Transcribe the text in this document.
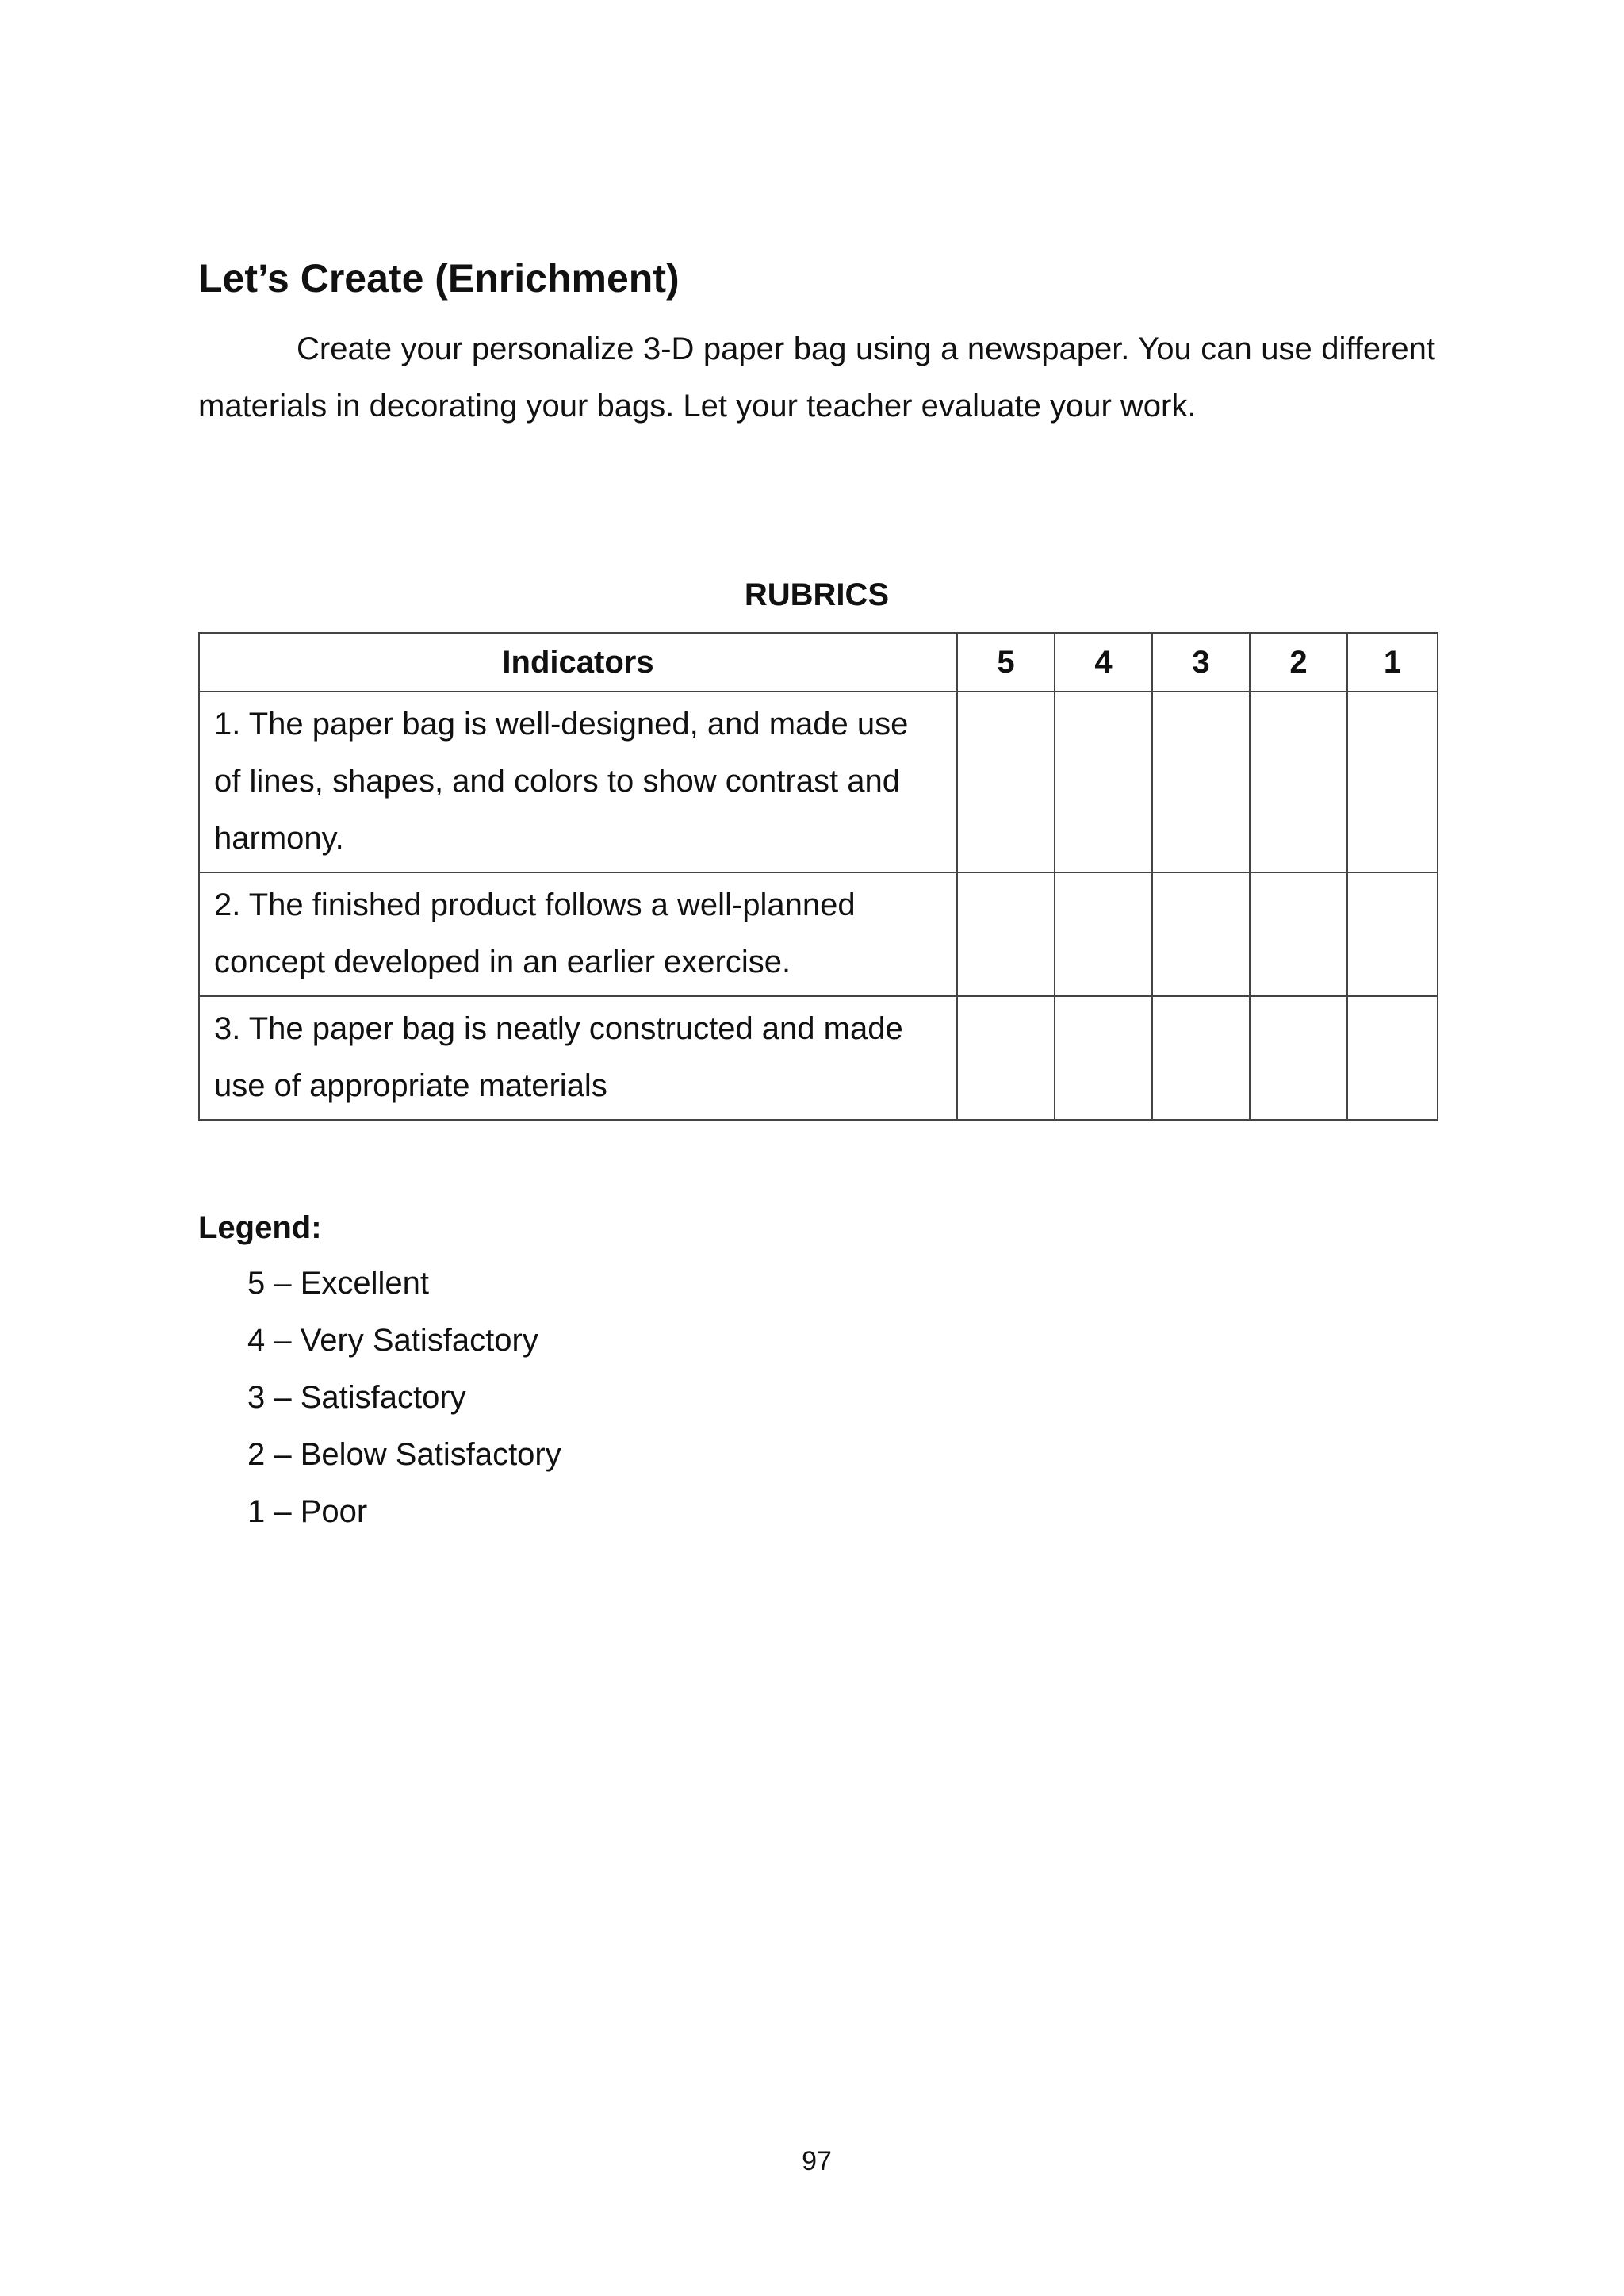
Let’s Create (Enrichment)

Create your personalize 3-D paper bag using a newspaper. You can use different materials in decorating your bags. Let your teacher evaluate your work.

RUBRICS
Indicators	5	4	3	2	1
1. The paper bag is well-designed, and made use of lines, shapes, and colors to show contrast and harmony.					
2. The finished product follows a well-planned concept developed in an earlier exercise.					
3. The paper bag is neatly constructed and made use of appropriate materials					
Legend:
5 – Excellent
4 – Very Satisfactory
3 – Satisfactory
2 – Below Satisfactory
1 – Poor
97
